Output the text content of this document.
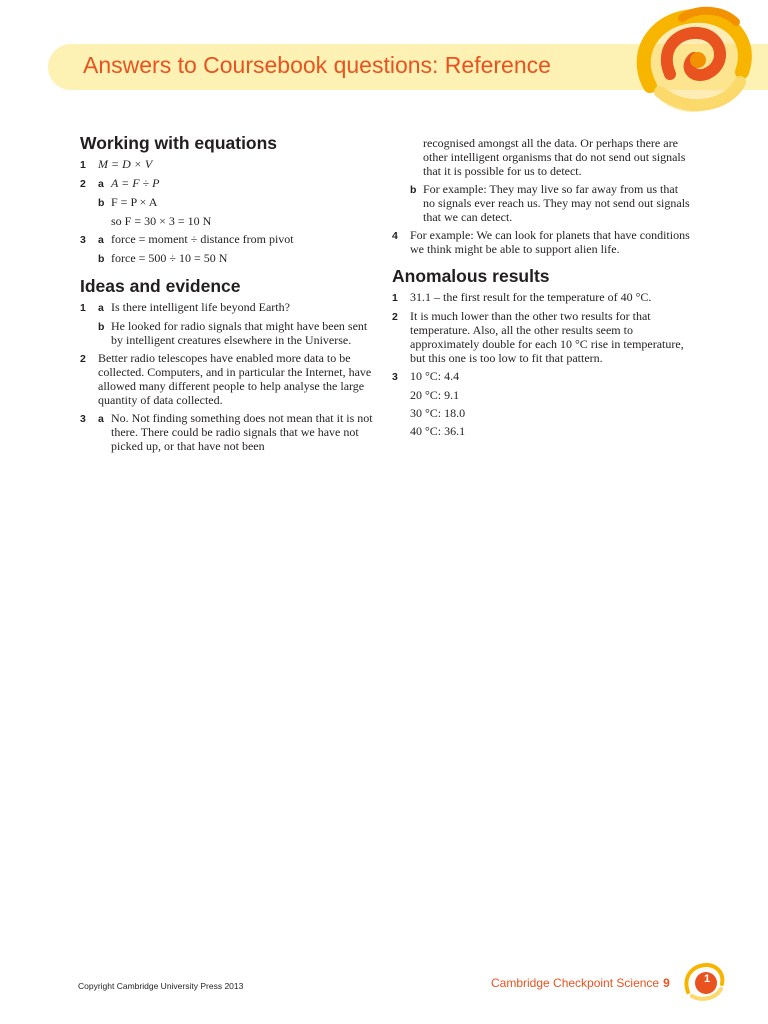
Answers to Coursebook questions: Reference
Working with equations
1	M = D × V
2	a A = F ÷ P
b F = P × A
so F = 30 × 3 = 10 N
3	a force = moment ÷ distance from pivot
b force = 500 ÷ 10 = 50 N
Ideas and evidence
1	a Is there intelligent life beyond Earth?
b He looked for radio signals that might have been sent by intelligent creatures elsewhere in the Universe.
2	Better radio telescopes have enabled more data to be collected. Computers, and in particular the Internet, have allowed many different people to help analyse the large quantity of data collected.
3	a No. Not finding something does not mean that it is not there. There could be radio signals that we have not picked up, or that have not been
recognised amongst all the data. Or perhaps there are other intelligent organisms that do not send out signals that it is possible for us to detect.
b For example: They may live so far away from us that no signals ever reach us. They may not send out signals that we can detect.
4	For example: We can look for planets that have conditions we think might be able to support alien life.
Anomalous results
1	31.1 – the first result for the temperature of 40 °C.
2	It is much lower than the other two results for that temperature. Also, all the other results seem to approximately double for each 10 °C rise in temperature, but this one is too low to fit that pattern.
3	10 °C: 4.4
20 °C: 9.1
30 °C: 18.0
40 °C: 36.1
Copyright Cambridge University Press 2013	Cambridge Checkpoint Science 9	1
